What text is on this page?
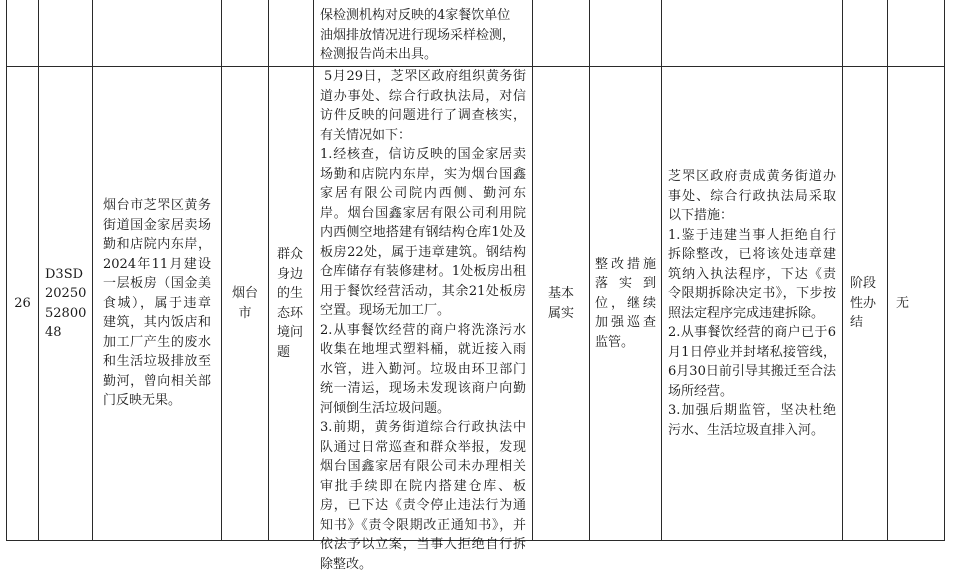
保检测机构对反映的4家餐饮单位

油烟排放情况进行现场采样检测，

检测报告尚未出具。

26

D3SD202505280048

烟台市芝罘区黄务街道国金家居卖场勤和店院内东岸，2024年11月建设一层板房（国金美食城），属于违章建筑，其内饭店和加工厂产生的废水和生活垃圾排放至勤河，曾向相关部门反映无果。

烟台市

群众身边的生态环境问题

5月29日，芝罘区政府组织黄务街道办事处、综合行政执法局，对信访件反映的问题进行了调查核实，有关情况如下：

1.经核查，信访反映的国金家居卖场勤和店院内东岸，实为烟台国鑫家居有限公司院内西侧、勤河东岸。烟台国鑫家居有限公司利用院内西侧空地搭建有钢结构仓库1处及板房22处，属于违章建筑。钢结构仓库储存有装修建材。1处板房出租用于餐饮经营活动，其余21处板房空置。现场无加工厂。

2.从事餐饮经营的商户将洗涤污水收集在地埋式塑料桶，就近接入雨水管，进入勤河。垃圾由环卫部门统一清运，现场未发现该商户向勤河倾倒生活垃圾问题。

3.前期，黄务街道综合行政执法中队通过日常巡查和群众举报，发现烟台国鑫家居有限公司未办理相关审批手续即在院内搭建仓库、板房，已下达《责令停止违法行为通知书》《责令限期改正通知书》，并依法予以立案，当事人拒绝自行拆除整改。

基本属实

整改措施落实到位，继续加强巡查监管。

芝罘区政府责成黄务街道办事处、综合行政执法局采取以下措施：

1.鉴于违建当事人拒绝自行拆除整改，已将该处违章建筑纳入执法程序，下达《责令限期拆除决定书》，下步按照法定程序完成违建拆除。

2.从事餐饮经营的商户已于6月1日停业并封堵私接管线，6月30日前引导其搬迁至合法场所经营。

3.加强后期监管，坚决杜绝污水、生活垃圾直排入河。

阶段性办结

无
